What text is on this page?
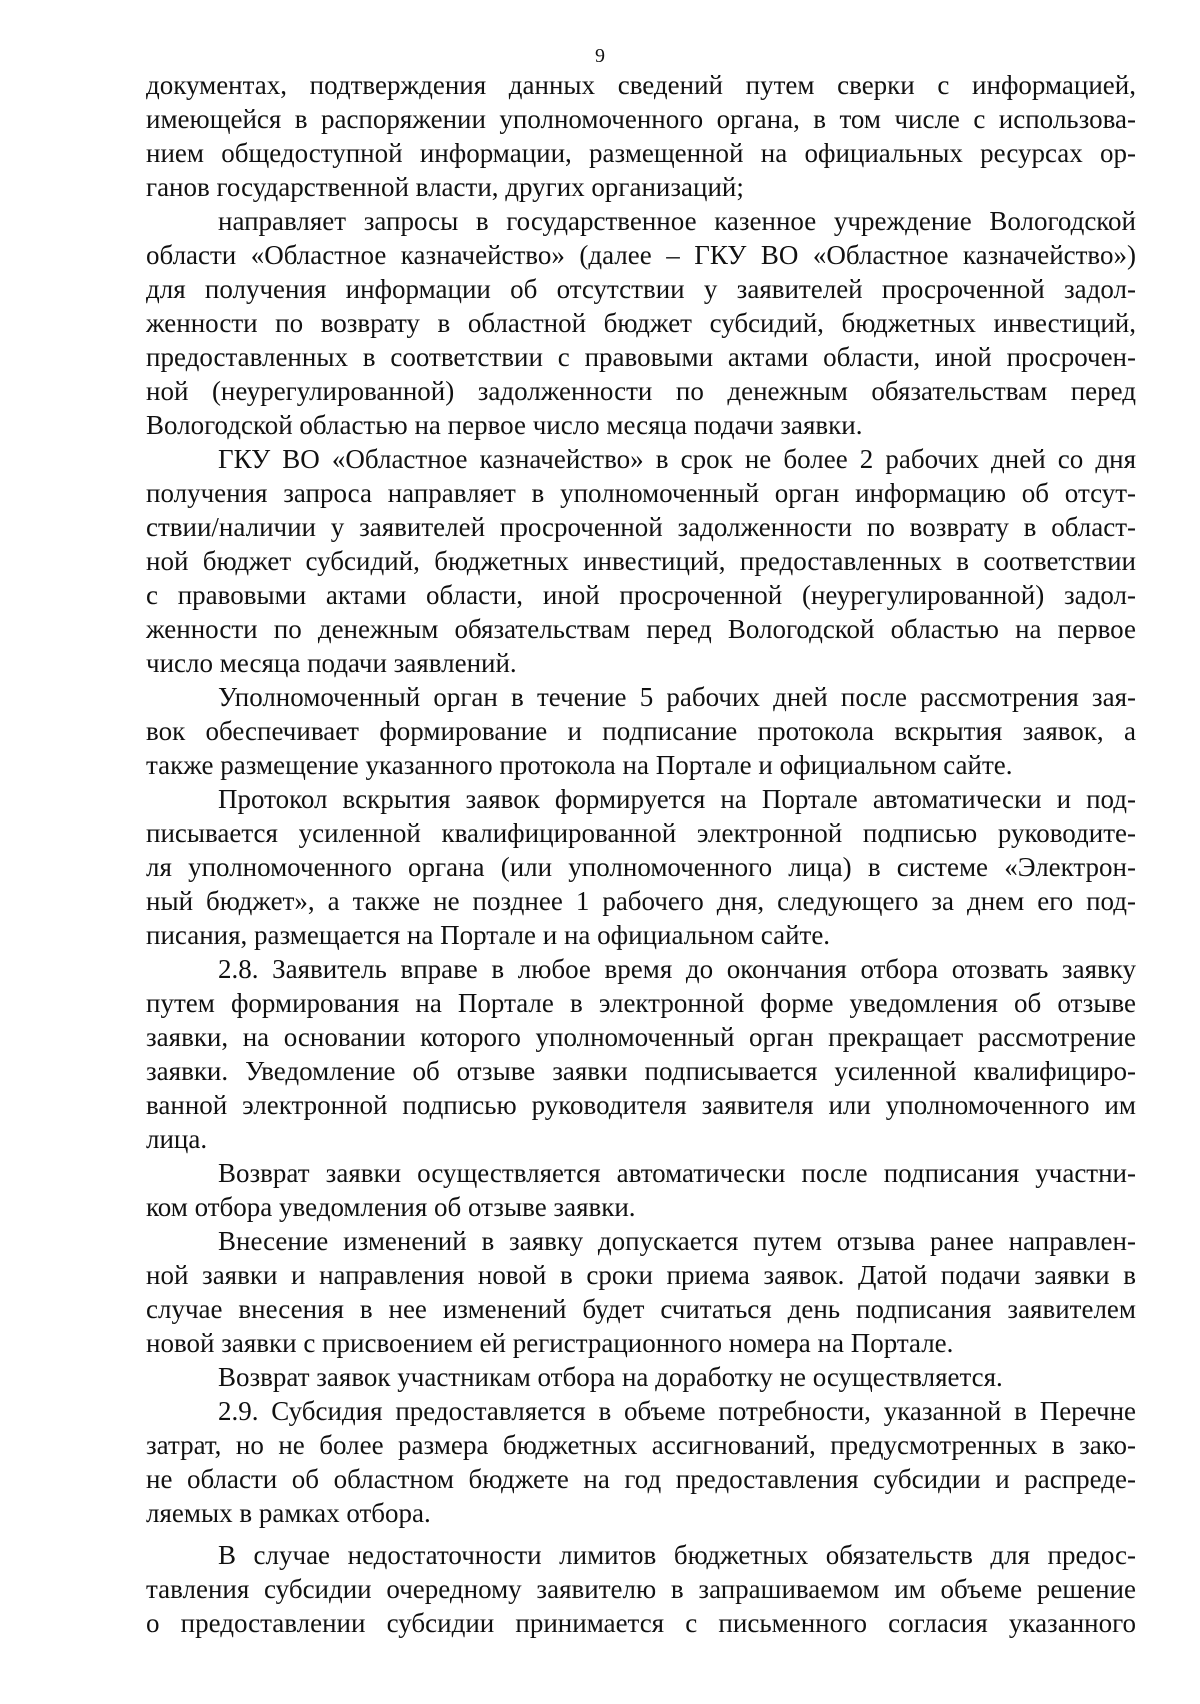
9
документах, подтверждения данных сведений путем сверки с информацией,
имеющейся в распоряжении уполномоченного органа, в том числе с использова-
нием общедоступной информации, размещенной на официальных ресурсах ор-
ганов государственной власти, других организаций;
направляет запросы в государственное казенное учреждение Вологодской
области «Областное казначейство» (далее – ГКУ ВО «Областное казначейство»)
для получения информации об отсутствии у заявителей просроченной задол-
женности по возврату в областной бюджет субсидий, бюджетных инвестиций,
предоставленных в соответствии с правовыми актами области, иной просрочен-
ной (неурегулированной) задолженности по денежным обязательствам перед
Вологодской областью на первое число месяца подачи заявки.
ГКУ ВО «Областное казначейство» в срок не более 2 рабочих дней со дня
получения запроса направляет в уполномоченный орган информацию об отсут-
ствии/наличии у заявителей просроченной задолженности по возврату в област-
ной бюджет субсидий, бюджетных инвестиций, предоставленных в соответствии
с правовыми актами области, иной просроченной (неурегулированной) задол-
женности по денежным обязательствам перед Вологодской областью на первое
число месяца подачи заявлений.
Уполномоченный орган в течение 5 рабочих дней после рассмотрения зая-
вок обеспечивает формирование и подписание протокола вскрытия заявок, а
также размещение указанного протокола на Портале и официальном сайте.
Протокол вскрытия заявок формируется на Портале автоматически и под-
писывается усиленной квалифицированной электронной подписью руководите-
ля уполномоченного органа (или уполномоченного лица) в системе «Электрон-
ный бюджет», а также не позднее 1 рабочего дня, следующего за днем его под-
писания, размещается на Портале и на официальном сайте.
2.8. Заявитель вправе в любое время до окончания отбора отозвать заявку
путем формирования на Портале в электронной форме уведомления об отзыве
заявки, на основании которого уполномоченный орган прекращает рассмотрение
заявки. Уведомление об отзыве заявки подписывается усиленной квалифициро-
ванной электронной подписью руководителя заявителя или уполномоченного им
лица.
Возврат заявки осуществляется автоматически после подписания участни-
ком отбора уведомления об отзыве заявки.
Внесение изменений в заявку допускается путем отзыва ранее направлен-
ной заявки и направления новой в сроки приема заявок. Датой подачи заявки в
случае внесения в нее изменений будет считаться день подписания заявителем
новой заявки с присвоением ей регистрационного номера на Портале.
Возврат заявок участникам отбора на доработку не осуществляется.
2.9. Субсидия предоставляется в объеме потребности, указанной в Перечне
затрат, но не более размера бюджетных ассигнований, предусмотренных в зако-
не области об областном бюджете на год предоставления субсидии и распреде-
ляемых в рамках отбора.
В случае недостаточности лимитов бюджетных обязательств для предос-
тавления субсидии очередному заявителю в запрашиваемом им объеме решение
о предоставлении субсидии принимается с письменного согласия указанного
